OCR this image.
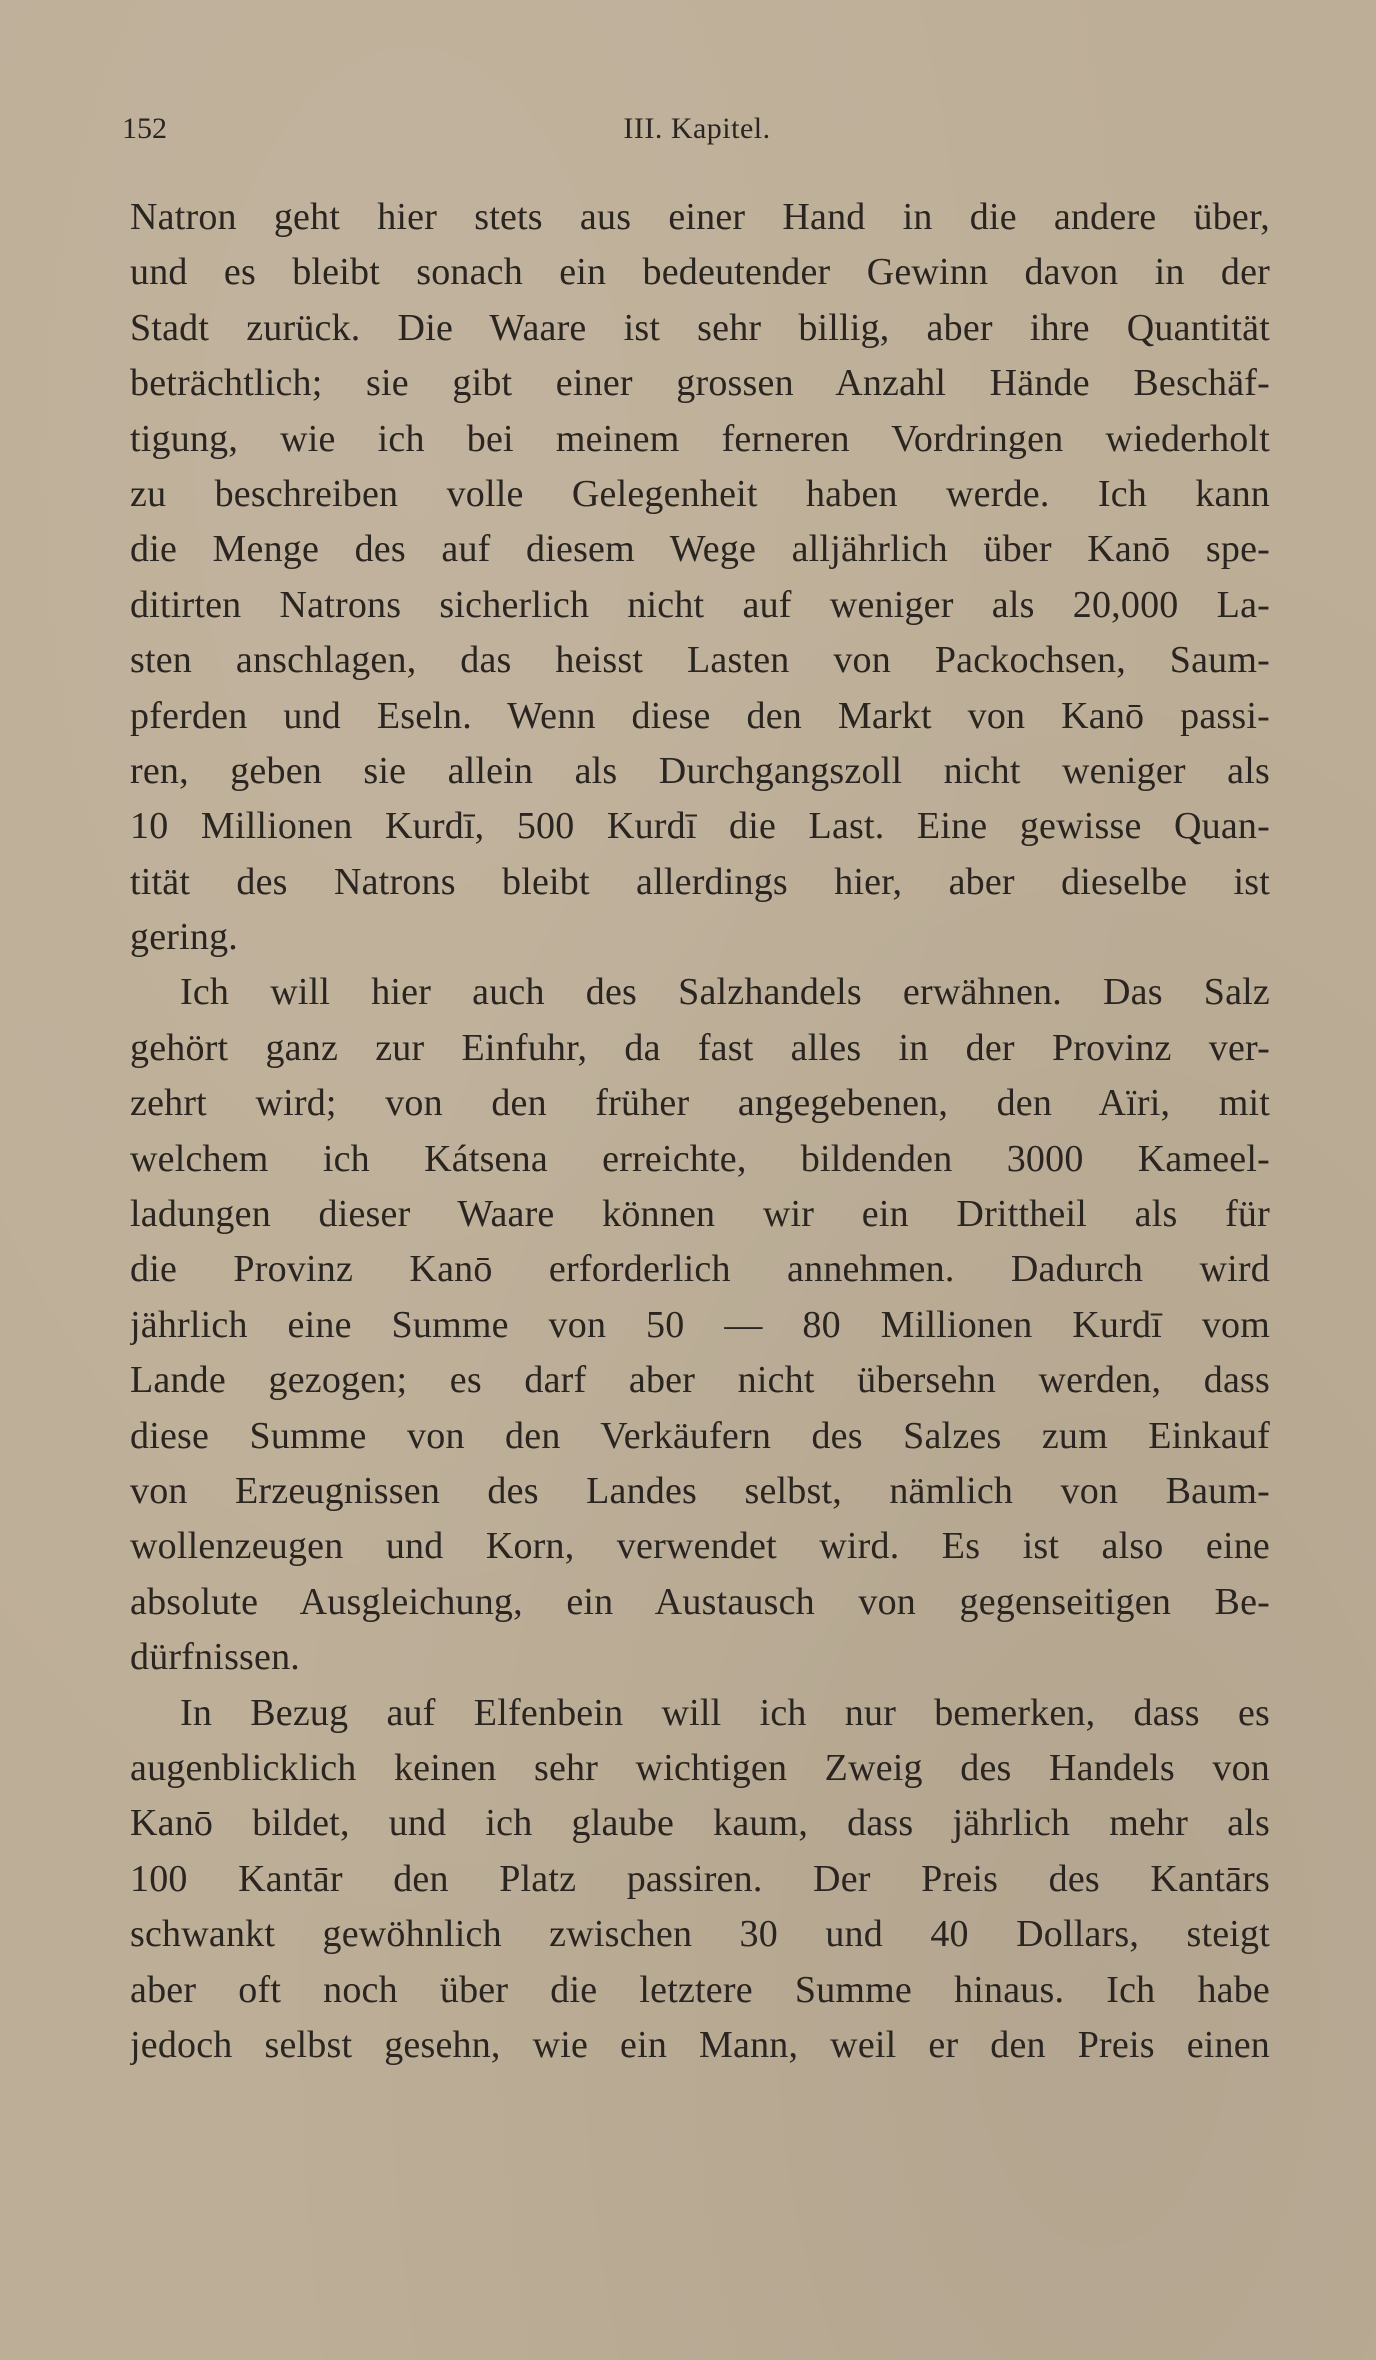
152	III. Kapitel.
Natron geht hier stets aus einer Hand in die andere über,
und es bleibt sonach ein bedeutender Gewinn davon in der
Stadt zurück. Die Waare ist sehr billig, aber ihre Quantität
beträchtlich; sie gibt einer grossen Anzahl Hände Beschäf-
tigung, wie ich bei meinem ferneren Vordringen wiederholt
zu beschreiben volle Gelegenheit haben werde. Ich kann
die Menge des auf diesem Wege alljährlich über Kanō spe-
ditirten Natrons sicherlich nicht auf weniger als 20,000 La-
sten anschlagen, das heisst Lasten von Packochsen, Saum-
pferden und Eseln. Wenn diese den Markt von Kanō passi-
ren, geben sie allein als Durchgangszoll nicht weniger als
10 Millionen Kurdī, 500 Kurdī die Last. Eine gewisse Quan-
tität des Natrons bleibt allerdings hier, aber dieselbe ist
gering.
Ich will hier auch des Salzhandels erwähnen. Das Salz
gehört ganz zur Einfuhr, da fast alles in der Provinz ver-
zehrt wird; von den früher angegebenen, den Aïri, mit
welchem ich Kátsena erreichte, bildenden 3000 Kameel-
ladungen dieser Waare können wir ein Drittheil als für
die Provinz Kanō erforderlich annehmen. Dadurch wird
jährlich eine Summe von 50 — 80 Millionen Kurdī vom
Lande gezogen; es darf aber nicht übersehn werden, dass
diese Summe von den Verkäufern des Salzes zum Einkauf
von Erzeugnissen des Landes selbst, nämlich von Baum-
wollenzeugen und Korn, verwendet wird. Es ist also eine
absolute Ausgleichung, ein Austausch von gegenseitigen Be-
dürfnissen.
In Bezug auf Elfenbein will ich nur bemerken, dass es
augenblicklich keinen sehr wichtigen Zweig des Handels von
Kanō bildet, und ich glaube kaum, dass jährlich mehr als
100 Kantār den Platz passiren. Der Preis des Kantārs
schwankt gewöhnlich zwischen 30 und 40 Dollars, steigt
aber oft noch über die letztere Summe hinaus. Ich habe
jedoch selbst gesehn, wie ein Mann, weil er den Preis einen
